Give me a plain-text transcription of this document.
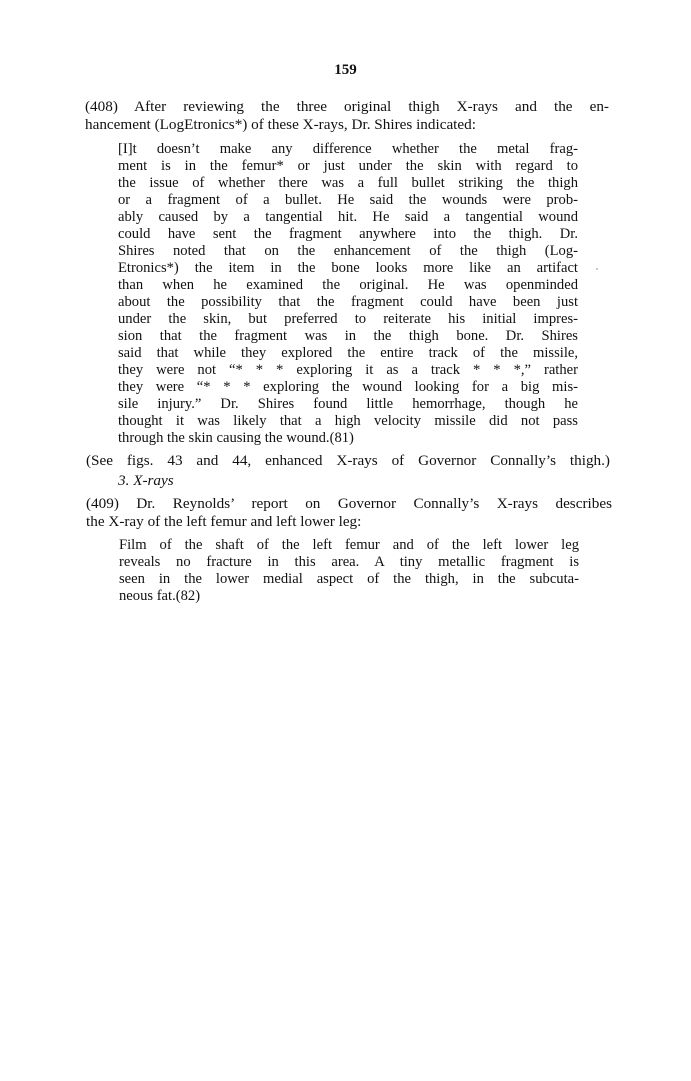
159
(408) After reviewing the three original thigh X-rays and the en-
hancement (LogEtronics*) of these X-rays, Dr. Shires indicated:
[I]t doesn’t make any difference whether the metal frag-
ment is in the femur* or just under the skin with regard to
the issue of whether there was a full bullet striking the thigh
or a fragment of a bullet. He said the wounds were prob-
ably caused by a tangential hit. He said a tangential wound
could have sent the fragment anywhere into the thigh. Dr.
Shires noted that on the enhancement of the thigh (Log-
Etronics*) the item in the bone looks more like an artifact
than when he examined the original. He was openminded
about the possibility that the fragment could have been just
under the skin, but preferred to reiterate his initial impres-
sion that the fragment was in the thigh bone. Dr. Shires
said that while they explored the entire track of the missile,
they were not “* * * exploring it as a track * * *,” rather
they were “* * * exploring the wound looking for a big mis-
sile injury.” Dr. Shires found little hemorrhage, though he
thought it was likely that a high velocity missile did not pass
through the skin causing the wound.(81)
(See figs. 43 and 44, enhanced X-rays of Governor Connally’s thigh.)
3. X-rays
(409) Dr. Reynolds’ report on Governor Connally’s X-rays describes
the X-ray of the left femur and left lower leg:
Film of the shaft of the left femur and of the left lower leg
reveals no fracture in this area. A tiny metallic fragment is
seen in the lower medial aspect of the thigh, in the subcuta-
neous fat.(82)
